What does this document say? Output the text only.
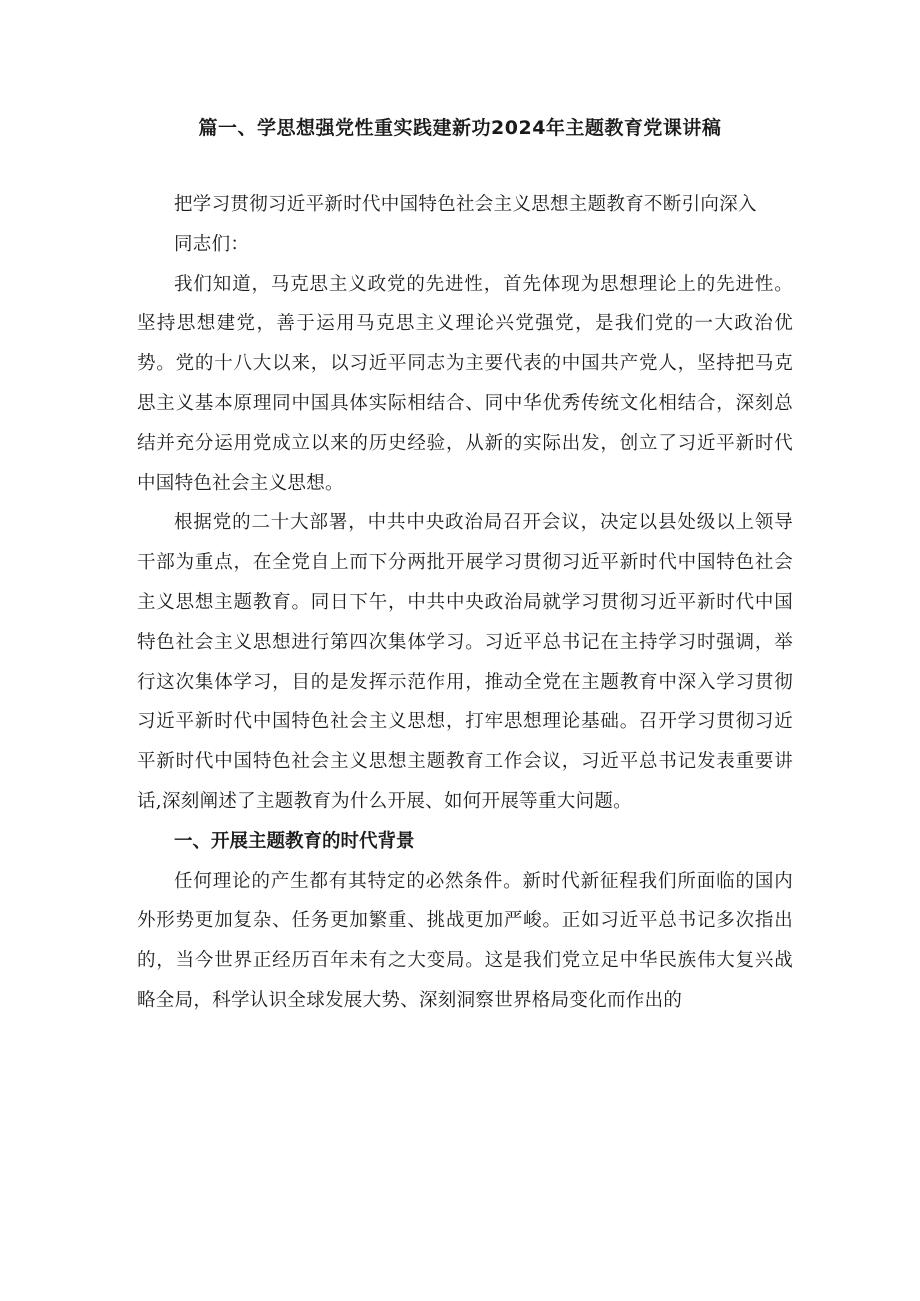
篇一、学思想强党性重实践建新功2024年主题教育党课讲稿

把学习贯彻习近平新时代中国特色社会主义思想主题教育不断引向深入

同志们：

我们知道，马克思主义政党的先进性，首先体现为思想理论上的先进性。坚持思想建党，善于运用马克思主义理论兴党强党，是我们党的一大政治优势。党的十八大以来，以习近平同志为主要代表的中国共产党人，坚持把马克思主义基本原理同中国具体实际相结合、同中华优秀传统文化相结合，深刻总结并充分运用党成立以来的历史经验，从新的实际出发，创立了习近平新时代中国特色社会主义思想。

根据党的二十大部署，中共中央政治局召开会议，决定以县处级以上领导干部为重点，在全党自上而下分两批开展学习贯彻习近平新时代中国特色社会主义思想主题教育。同日下午，中共中央政治局就学习贯彻习近平新时代中国特色社会主义思想进行第四次集体学习。习近平总书记在主持学习时强调，举行这次集体学习，目的是发挥示范作用，推动全党在主题教育中深入学习贯彻习近平新时代中国特色社会主义思想，打牢思想理论基础。召开学习贯彻习近平新时代中国特色社会主义思想主题教育工作会议，习近平总书记发表重要讲话,深刻阐述了主题教育为什么开展、如何开展等重大问题。

一、开展主题教育的时代背景

任何理论的产生都有其特定的必然条件。新时代新征程我们所面临的国内外形势更加复杂、任务更加繁重、挑战更加严峻。正如习近平总书记多次指出的，当今世界正经历百年未有之大变局。这是我们党立足中华民族伟大复兴战略全局，科学认识全球发展大势、深刻洞察世界格局变化而作出的
